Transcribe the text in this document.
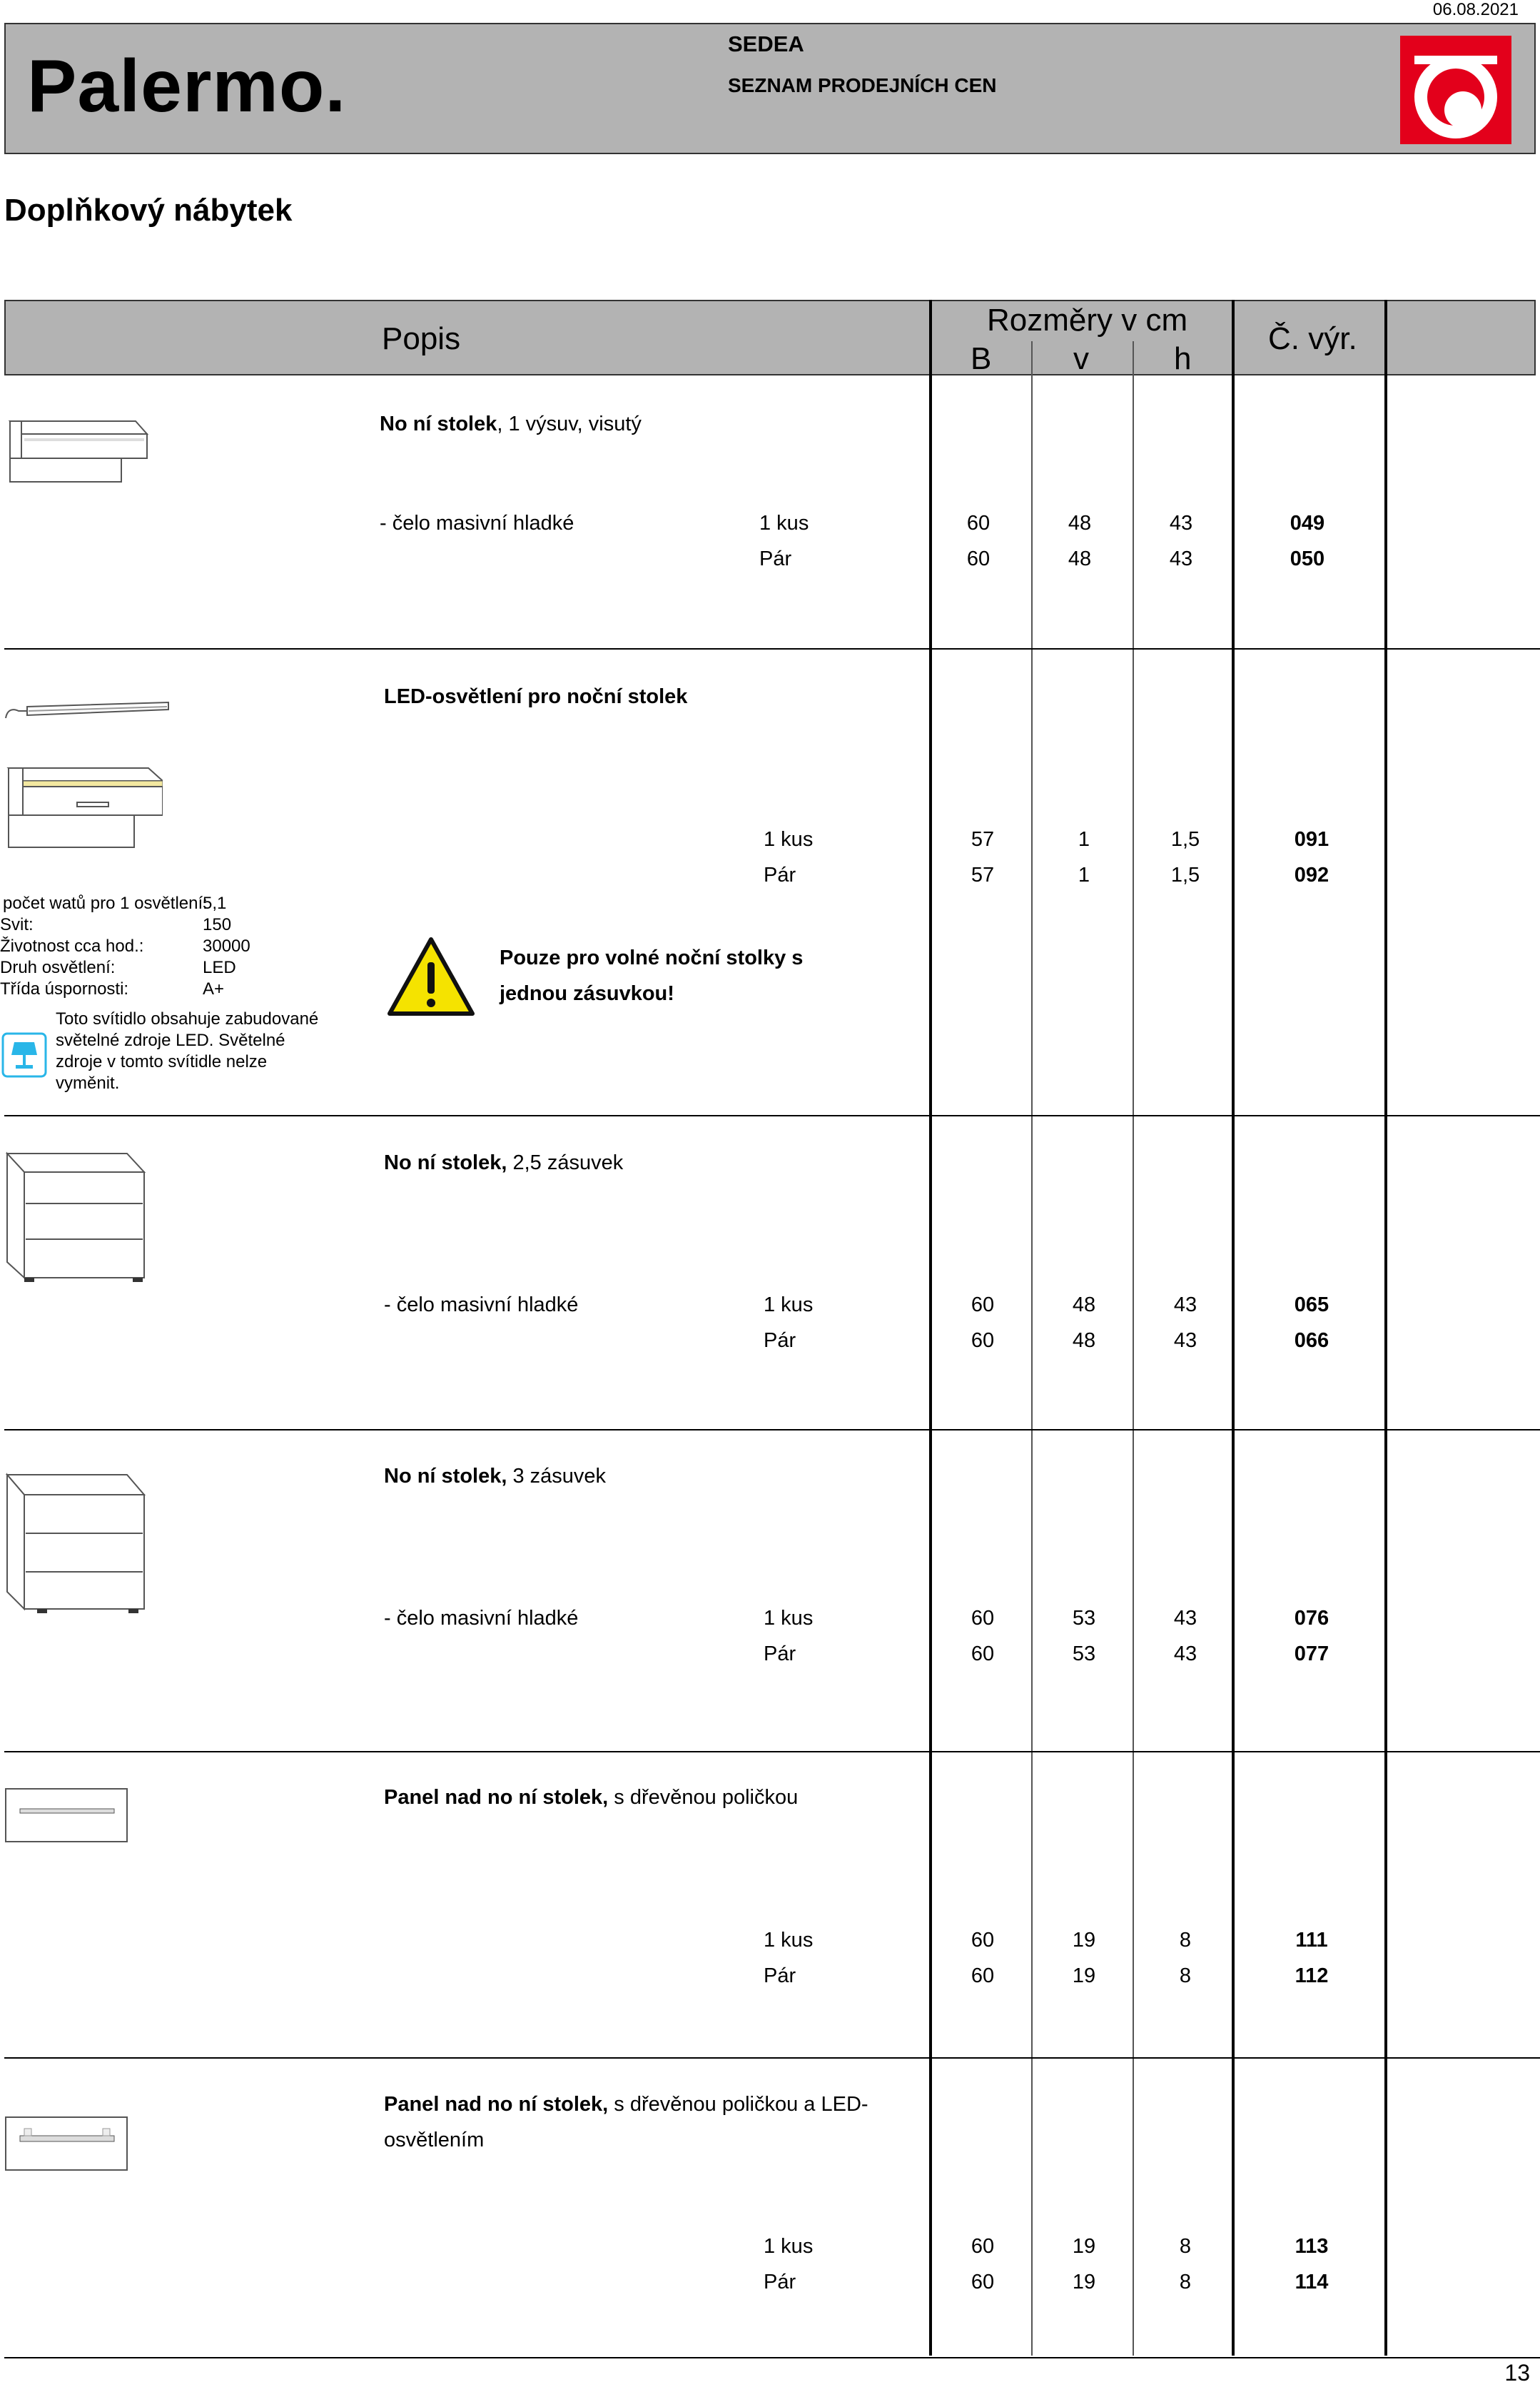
06.08.2021
Palermo.
SEDEA
SEZNAM PRODEJNÍCH CEN
Doplňkový nábytek
Popis
Rozměry v cm
B	v	h
Č. výr.
No ní stolek, 1 výsuv, visutý
- čelo masivní hladké	1 kus	60	48	43	049
Pár	60	48	43	050
LED-osvětlení pro noční stolek
1 kus	57	1	1,5	091
Pár	57	1	1,5	092
počet watů pro 1 osvětlení:
5,1
Svit:	150
Životnost cca hod.:	30000
Druh osvětlení:	LED
Třída úspornosti:	A+
Toto svítidlo obsahuje zabudované
světelné zdroje LED. Světelné
zdroje v tomto svítidle nelze
vyměnit.
Pouze pro volné noční stolky s
jednou zásuvkou!
No ní stolek, 2,5 zásuvek
- čelo masivní hladké	1 kus	60	48	43	065
Pár	60	48	43	066
No ní stolek, 3 zásuvek
- čelo masivní hladké	1 kus	60	53	43	076
Pár	60	53	43	077
Panel nad no ní stolek, s dřevěnou poličkou
1 kus	60	19	8	111
Pár	60	19	8	112
Panel nad no ní stolek, s dřevěnou poličkou a LED-
osvětlením
1 kus	60	19	8	113
Pár	60	19	8	114
13
